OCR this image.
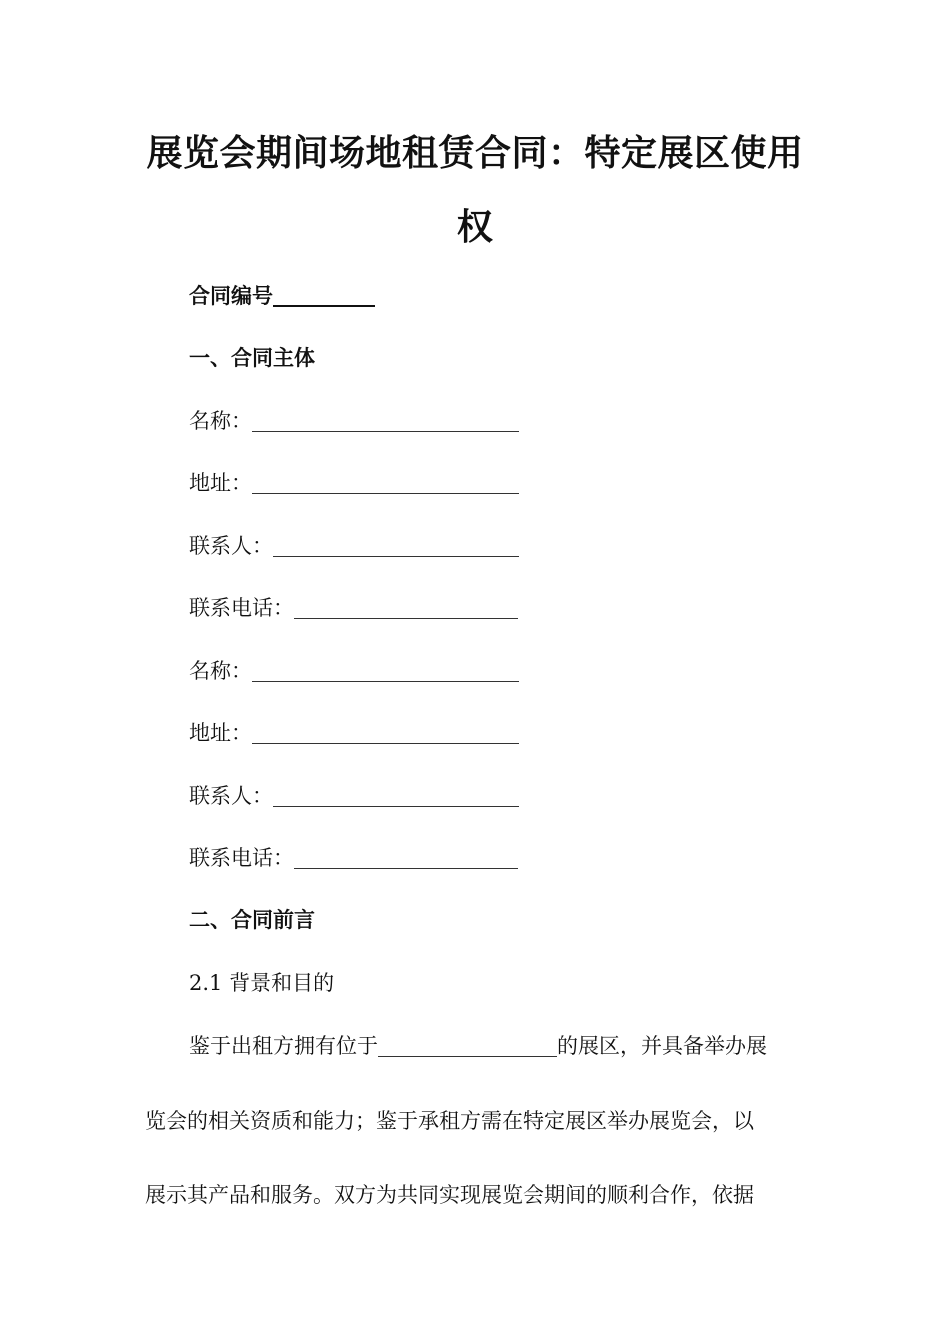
展览会期间场地租赁合同：特定展区使用
权
合同编号
一、合同主体
名称：
地址：
联系人：
联系电话：
名称：
地址：
联系人：
联系电话：
二、合同前言
2.1 背景和目的
鉴于出租方拥有位于	的展区，并具备举办展
览会的相关资质和能力；鉴于承租方需在特定展区举办展览会，以
展示其产品和服务。双方为共同实现展览会期间的顺利合作，依据
